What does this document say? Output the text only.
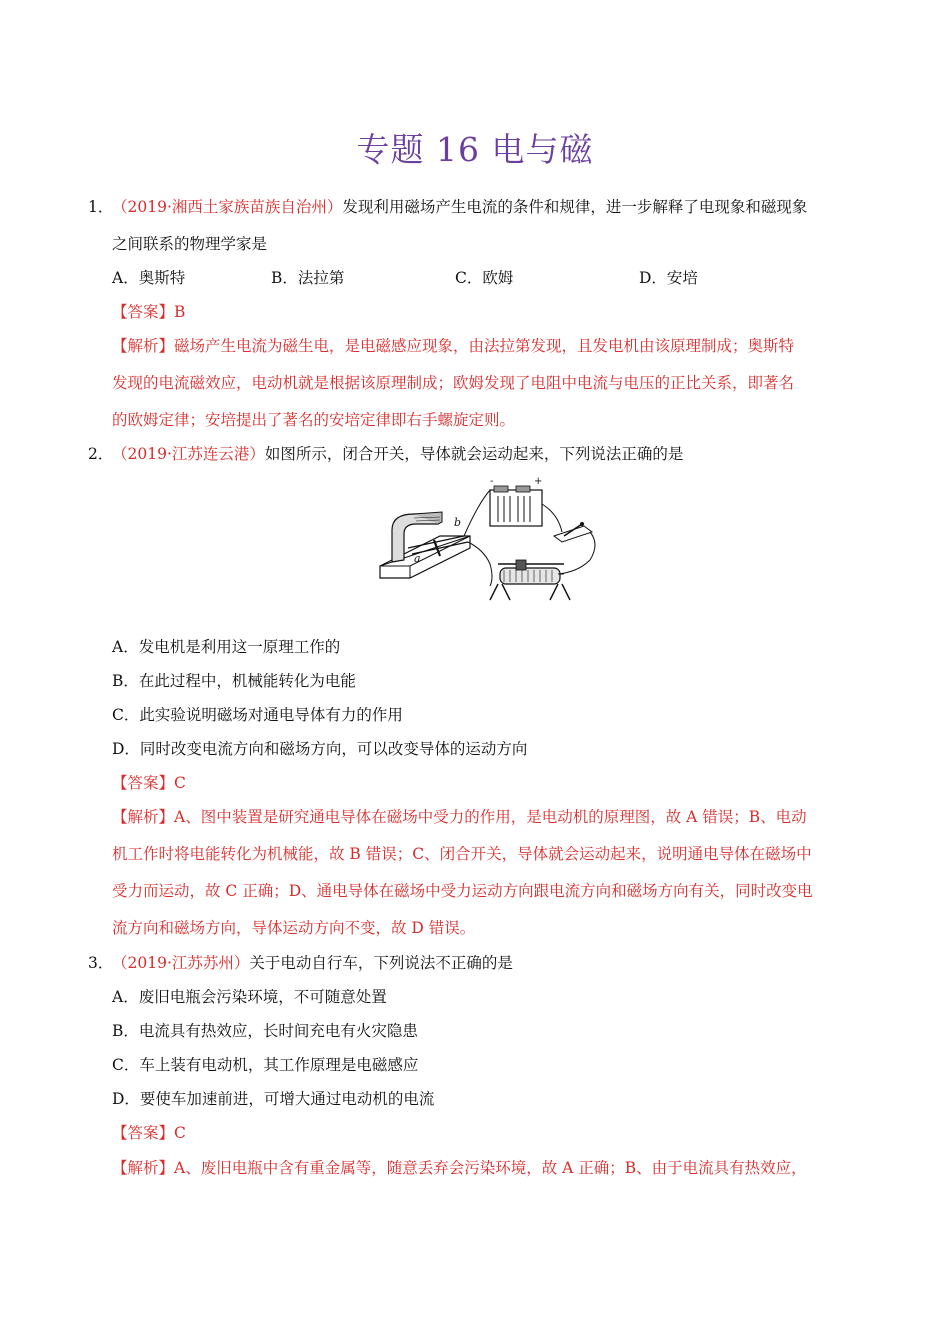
专题 16 电与磁
1．
（2019·湘西土家族苗族自治州）发现利用磁场产生电流的条件和规律，进一步解释了电现象和磁现象
之间联系的物理学家是
A．奥斯特	B．法拉第	C．欧姆	D．安培
【答案】B
【解析】磁场产生电流为磁生电，是电磁感应现象，由法拉第发现，且发电机由该原理制成；奥斯特
发现的电流磁效应，电动机就是根据该原理制成；欧姆发现了电阻中电流与电压的正比关系，即著名
的欧姆定律；安培提出了著名的安培定律即右手螺旋定则。
2．
（2019·江苏连云港）如图所示，闭合开关，导体就会运动起来，下列说法正确的是
a
b
-	+
A．发电机是利用这一原理工作的
B．在此过程中，机械能转化为电能
C．此实验说明磁场对通电导体有力的作用
D．同时改变电流方向和磁场方向，可以改变导体的运动方向
【答案】C
【解析】A、图中装置是研究通电导体在磁场中受力的作用，是电动机的原理图，故 A 错误；B、电动
机工作时将电能转化为机械能，故 B 错误；C、闭合开关，导体就会运动起来，说明通电导体在磁场中
受力而运动，故 C 正确；D、通电导体在磁场中受力运动方向跟电流方向和磁场方向有关，同时改变电
流方向和磁场方向，导体运动方向不变，故 D 错误。
3．
（2019·江苏苏州）关于电动自行车，下列说法不正确的是
A．废旧电瓶会污染环境，不可随意处置
B．电流具有热效应，长时间充电有火灾隐患
C．车上装有电动机，其工作原理是电磁感应
D．要使车加速前进，可增大通过电动机的电流
【答案】C
【解析】A、废旧电瓶中含有重金属等，随意丢弃会污染环境，故 A 正确；B、由于电流具有热效应，
